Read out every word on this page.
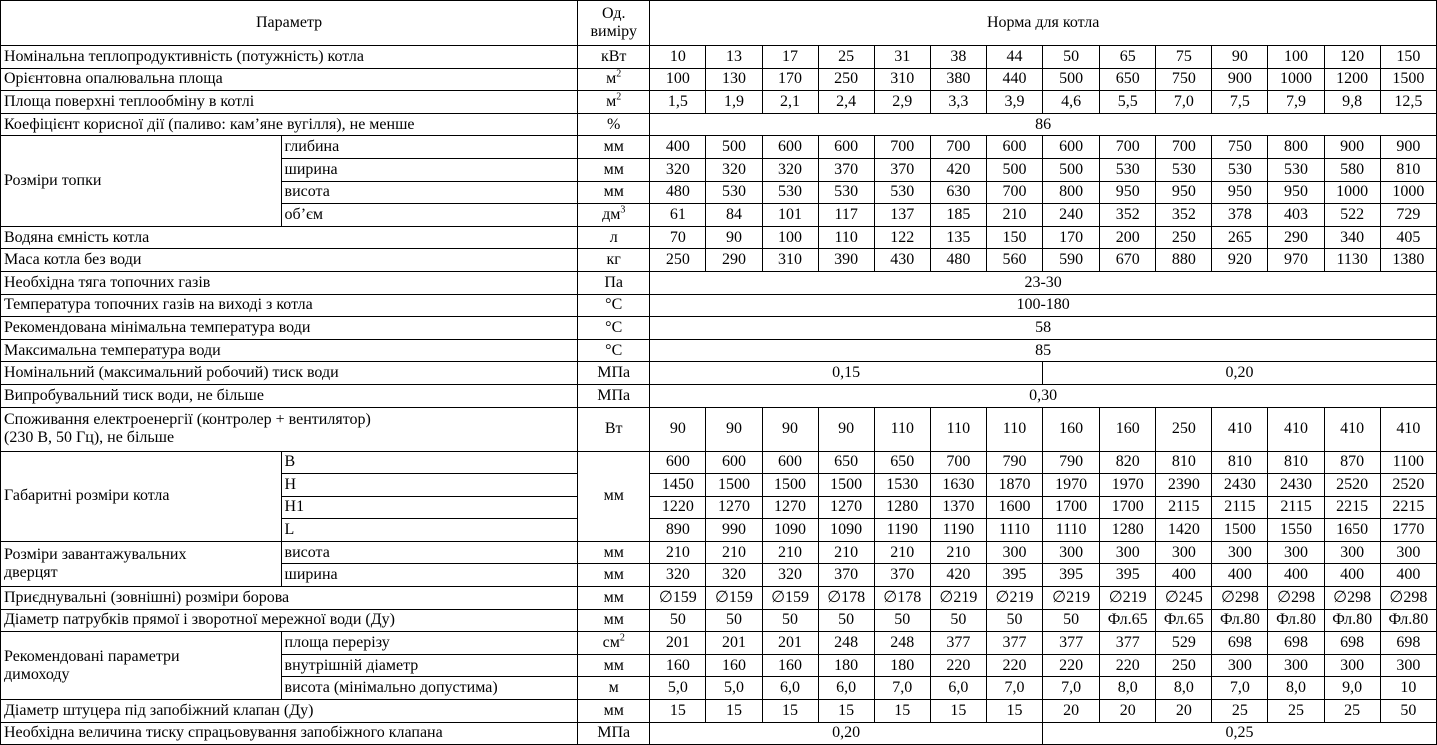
Параметр		Од. виміру	Норма для котла													
Номінальна теплопродуктивність (потужність) котла		кВт	10	13	17	25	31	38	44	50	65	75	90	100	120	150
Орієнтовна опалювальна площа		$м^2$	100	130	170	250	310	380	440	500	650	750	900	1000	1200	1500
Площа поверхні теплообміну в котлі		$м^2$	1,5	1,9	2,1	2,4	2,9	3,3	3,9	4,6	5,5	7,0	7,5	7,9	9,8	12,5
Коефіцієнт корисної дії (паливо: кам’яне вугілля), не менше		%	86													
Розміри топки	глибина	мм	400	500	600	600	700	700	600	600	700	700	750	800	900	900
	ширина	мм	320	320	320	370	370	420	500	500	530	530	530	530	580	810
	висота	мм	480	530	530	530	530	630	700	800	950	950	950	950	1000	1000
	об’єм	$дм^3$	61	84	101	117	137	185	210	240	352	352	378	403	522	729
Водяна ємність котла		л	70	90	100	110	122	135	150	170	200	250	265	290	340	405
Маса котла без води		кг	250	290	310	390	430	480	560	590	670	880	920	970	1130	1380
Необхідна тяга топочних газів		Па	23-30													
Температура топочних газів на виході з котла		°С	100-180													
Рекомендована мінімальна температура води		°С	58													
Максимальна температура води		°С	85													
Номінальний (максимальний робочий) тиск води		МПа	0,15							0,20						
Випробувальний тиск води, не більше		МПа	0,30													
Споживання електроенергії (контролер + вентилятор)
(230 В, 50 Гц), не більше		Вт	90	90	90	90	110	110	110	160	160	250	410	410	410	410
Габаритні розміри котла	B	мм	600	600	600	650	650	700	790	790	820	810	810	810	870	1100
	H		1450	1500	1500	1500	1530	1630	1870	1970	1970	2390	2430	2430	2520	2520
	H1		1220	1270	1270	1270	1280	1370	1600	1700	1700	2115	2115	2115	2215	2215
	L		890	990	1090	1090	1190	1190	1110	1110	1280	1420	1500	1550	1650	1770
Розміри завантажувальних
дверцят	висота	мм	210	210	210	210	210	210	300	300	300	300	300	300	300	300
	ширина	мм	320	320	320	370	370	420	395	395	395	400	400	400	400	400
Приєднувальні (зовнішні) розміри борова		мм	∅159	∅159	∅159	∅178	∅178	∅219	∅219	∅219	∅219	∅245	∅298	∅298	∅298	∅298
Діаметр патрубків прямої і зворотної мережної води (Ду)		мм	50	50	50	50	50	50	50	50	Фл.65	Фл.65	Фл.80	Фл.80	Фл.80	Фл.80
Рекомендовані параметри
димоходу	площа перерізу	$см^2$	201	201	201	248	248	377	377	377	377	529	698	698	698	698
	внутрішній діаметр	мм	160	160	160	180	180	220	220	220	220	250	300	300	300	300
	висота (мінімально допустима)	м	5,0	5,0	6,0	6,0	7,0	6,0	7,0	7,0	8,0	8,0	7,0	8,0	9,0	10
Діаметр штуцера під запобіжний клапан (Ду)		мм	15	15	15	15	15	15	15	20	20	20	25	25	25	50
Необхідна величина тиску спрацьовування запобіжного клапана		МПа	0,20							0,25						
